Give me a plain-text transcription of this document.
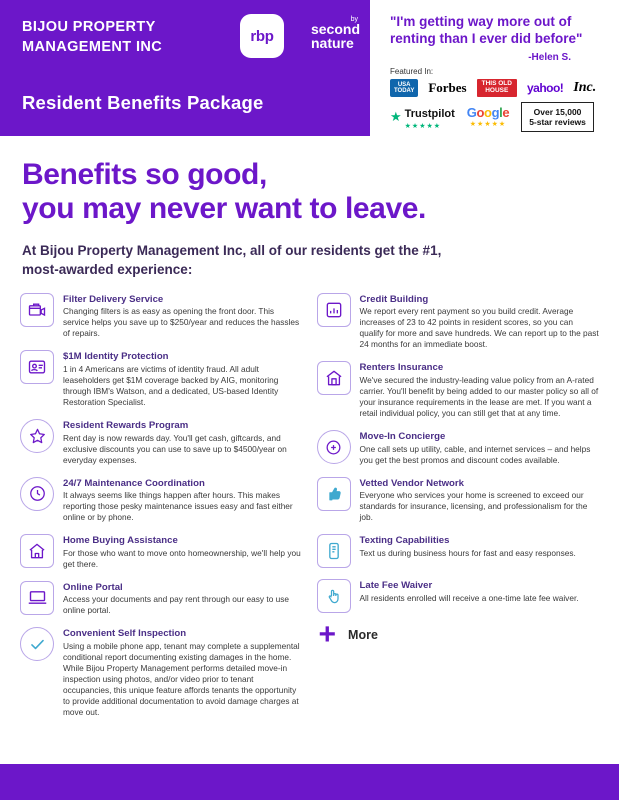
BIJOU PROPERTY MANAGEMENT INC
rbp
by
second
nature
Resident Benefits Package
"I'm getting way more out of renting than I ever did before"
-Helen S.
Featured In:
USA
TODAY Forbes THIS OLD
HOUSE	yahoo! Inc.
★ Trustpilot
★★★★★
Google
★★★★★
Over 15,000
5-star reviews
Benefits so good,
you may never want to leave.
At Bijou Property Management Inc, all of our residents get the #1,
most-awarded experience:
Filter Delivery Service
Changing filters is as easy as opening the front door. This service helps you save up to $250/year and reduces the hassles of repairs.
$1M Identity Protection
1 in 4 Americans are victims of identity fraud. All adult leaseholders get $1M coverage backed by AIG, monitoring through IBM's Watson, and a dedicated, US-based Identity Restoration Specialist.
Resident Rewards Program
Rent day is now rewards day. You'll get cash, giftcards, and exclusive discounts you can use to save up to $4500/year on everyday expenses.
24/7 Maintenance Coordination
It always seems like things happen after hours. This makes reporting those pesky maintenance issues easy and fast either online or by phone.
Home Buying Assistance
For those who want to move onto homeownership, we'll help you get there.
Online Portal
Access your documents and pay rent through our easy to use online portal.
Convenient Self Inspection
Using a mobile phone app, tenant may complete a supplemental conditional report documenting existing damages in the home. While Bijou Property Management performs detailed move-in inspection using photos, and/or video prior to tenant occupancies, this unique feature affords tenants the opportunity to provide additional documentation to avoid damage charges at move out.
Credit Building
We report every rent payment so you build credit. Average increases of 23 to 42 points in resident scores, so you can qualify for more and save hundreds. We can report up to the past 24 months for an immediate boost.
Renters Insurance
We've secured the industry-leading value policy from an A-rated carrier. You'll benefit by being added to our master policy so all of your insurance requirements in the lease are met. If you want a retail individual policy, you can still get that at any time.
Move-In Concierge
One call sets up utility, cable, and internet services – and helps you get the best promos and discount codes available.
Vetted Vendor Network
Everyone who services your home is screened to exceed our standards for insurance, licensing, and professionalism for the job.
Texting Capabilities
Text us during business hours for fast and easy responses.
Late Fee Waiver
All residents enrolled will receive a one-time late fee waiver.
+ More
